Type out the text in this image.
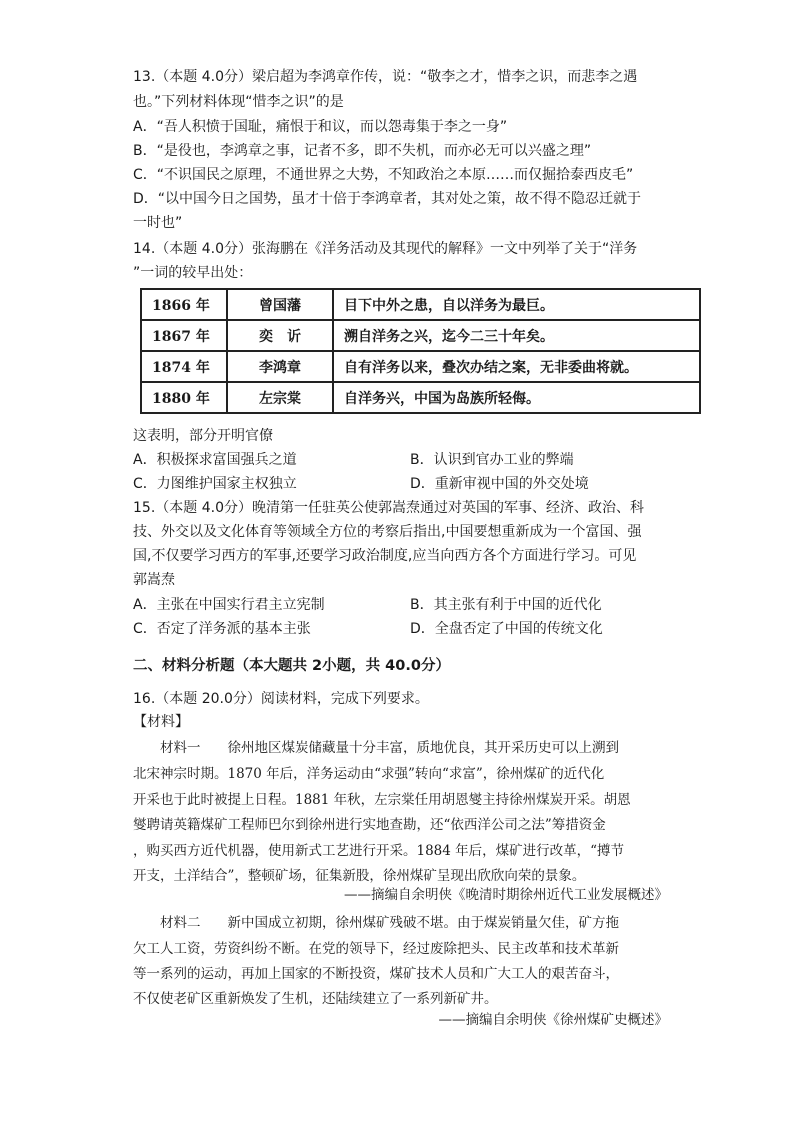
13.（本题 4.0分）梁启超为李鸿章作传，说：“敬李之才，惜李之识，而悲李之遇
也。”下列材料体现“惜李之识”的是
A．“吾人积愤于国耻，痛恨于和议，而以怨毒集于李之一身”
B．“是役也，李鸿章之事，记者不多，即不失机，而亦必无可以兴盛之理”
C．“不识国民之原理，不通世界之大势，不知政治之本原……而仅掘拾泰西皮毛”
D．“以中国今日之国势，虽才十倍于李鸿章者，其对处之策，故不得不隐忍迁就于
一时也”
14.（本题 4.0分）张海鹏在《洋务活动及其现代的解释》一文中列举了关于“洋务
”一词的较早出处：
1866 年	曾国藩	目下中外之患，自以洋务为最巨。
1867 年	奕　䜣	溯自洋务之兴，迄今二三十年矣。
1874 年	李鸿章	自有洋务以来，叠次办结之案，无非委曲将就。
1880 年	左宗棠	自洋务兴，中国为岛族所轻侮。
这表明，部分开明官僚
A．积极探求富国强兵之道	B．认识到官办工业的弊端
C．力图维护国家主权独立	D．重新审视中国的外交处境
15.（本题 4.0分）晚清第一任驻英公使郭嵩焘通过对英国的军事、经济、政治、科
技、外交以及文化体育等领域全方位的考察后指出,中国要想重新成为一个富国、强
国,不仅要学习西方的军事,还要学习政治制度,应当向西方各个方面进行学习。可见
郭嵩焘
A．主张在中国实行君主立宪制	B．其主张有利于中国的近代化
C．否定了洋务派的基本主张	D．全盘否定了中国的传统文化
二、材料分析题（本大题共 2小题，共 40.0分）
16.（本题 20.0分）阅读材料，完成下列要求。
【材料】
材料一　　徐州地区煤炭储藏量十分丰富，质地优良，其开采历史可以上溯到
北宋神宗时期。1870 年后，洋务运动由“求强”转向“求富”，徐州煤矿的近代化
开采也于此时被提上日程。1881 年秋，左宗棠任用胡恩燮主持徐州煤炭开采。胡恩
燮聘请英籍煤矿工程师巴尔到徐州进行实地查勘，还“依西洋公司之法”筹措资金
，购买西方近代机器，使用新式工艺进行开采。1884 年后，煤矿进行改革，“撙节
开支，土洋结合”，整顿矿场，征集新股，徐州煤矿呈现出欣欣向荣的景象。
——摘编自余明侠《晚清时期徐州近代工业发展概述》
材料二　　新中国成立初期，徐州煤矿残破不堪。由于煤炭销量欠佳，矿方拖
欠工人工资，劳资纠纷不断。在党的领导下，经过废除把头、民主改革和技术革新
等一系列的运动，再加上国家的不断投资，煤矿技术人员和广大工人的艰苦奋斗，
不仅使老矿区重新焕发了生机，还陆续建立了一系列新矿井。
——摘编自余明侠《徐州煤矿史概述》
